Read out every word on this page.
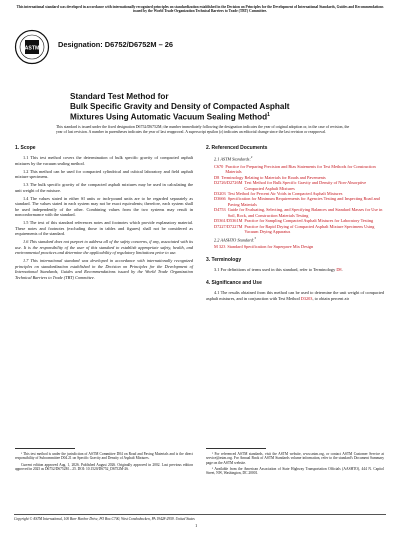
This international standard was developed in accordance with internationally recognized principles on standardization established in the Decision on Principles for the Development of International Standards, Guides and Recommendations issued by the World Trade Organization Technical Barriers to Trade (TBT) Committee.
ASTM	Designation: D6752/D6752M – 26
Standard Test Method for
Bulk Specific Gravity and Density of Compacted Asphalt
Mixtures Using Automatic Vacuum Sealing Method$^1$
This standard is issued under the fixed designation D6752/D6752M; the number immediately following the designation indicates the year of original adoption or, in the case of revision, the year of last revision. A number in parentheses indicates the year of last reapproval. A superscript epsilon (ε) indicates an editorial change since the last revision or reapproval.
1. Scope

1.1 This test method covers the determination of bulk specific gravity of compacted asphalt mixtures by the vacuum sealing method.

1.2 This method can be used for compacted cylindrical and cubical laboratory and field asphalt mixture specimens.

1.3 The bulk specific gravity of the compacted asphalt mixtures may be used in calculating the unit weight of the mixture.

1.4 The values stated in either SI units or inch-pound units are to be regarded separately as standard. The values stated in each system may not be exact equivalents; therefore, each system shall be used independently of the other. Combining values from the two systems may result in nonconformance with the standard.

1.5 The text of this standard references notes and footnotes which provide explanatory material. These notes and footnotes (excluding those in tables and figures) shall not be considered as requirements of the standard.

1.6 This standard does not purport to address all of the safety concerns, if any, associated with its use. It is the responsibility of the user of this standard to establish appropriate safety, health, and environmental practices and determine the applicability of regulatory limitations prior to use.

1.7 This international standard was developed in accordance with internationally recognized principles on standardization established in the Decision on Principles for the Development of International Standards, Guides and Recommendations issued by the World Trade Organization Technical Barriers to Trade (TBT) Committee.

2. Referenced Documents
2.1 ASTM Standards:$^2$
C670 Practice for Preparing Precision and Bias Statements for Test Methods for Construction Materials
D8 Terminology Relating to Materials for Roads and Pavements
D2726/D2726M Test Method for Bulk Specific Gravity and Density of Non-Absorptive Compacted Asphalt Mixtures
D3203 Test Method for Percent Air Voids in Compacted Asphalt Mixtures
D3666 Specification for Minimum Requirements for Agencies Testing and Inspecting Road and Paving Materials
D4753 Guide for Evaluating, Selecting, and Specifying Balances and Standard Masses for Use in Soil, Rock, and Construction Materials Testing
D5361/D5361M Practice for Sampling Compacted Asphalt Mixtures for Laboratory Testing
D7227/D7227M Practice for Rapid Drying of Compacted Asphalt Mixture Specimens Using Vacuum Drying Apparatus
2.2 AASHTO Standard:$^3$
M 323 Standard Specification for Superpave Mix Design
3. Terminology

3.1 For definitions of terms used in this standard, refer to Terminology D8.

4. Significance and Use

4.1 The results obtained from this method can be used to determine the unit weight of compacted asphalt mixtures, and in conjunction with Test Method D3203, to obtain percent air

¹ This test method is under the jurisdiction of ASTM Committee D04 on Road and Paving Materials and is the direct responsibility of Subcommittee D04.21 on Specific Gravity and Density of Asphalt Mixtures.

Current edition approved Aug. 1, 2026. Published August 2026. Originally approved in 2002. Last previous edition approved in 2025 as D6752/D6752M – 25. DOI: 10.1520/D6752_D6752M-26.

² For referenced ASTM standards, visit the ASTM website, www.astm.org, or contact ASTM Customer Service at service@astm.org. For Annual Book of ASTM Standards volume information, refer to the standard's Document Summary page on the ASTM website.

³ Available from the American Association of State Highway Transportation Officials (AASHTO), 444 N. Capitol Street, NW, Washington, DC 20001.

Copyright © ASTM International, 100 Barr Harbor Drive, PO Box C700, West Conshohocken, PA 19428-2959. United States
1
